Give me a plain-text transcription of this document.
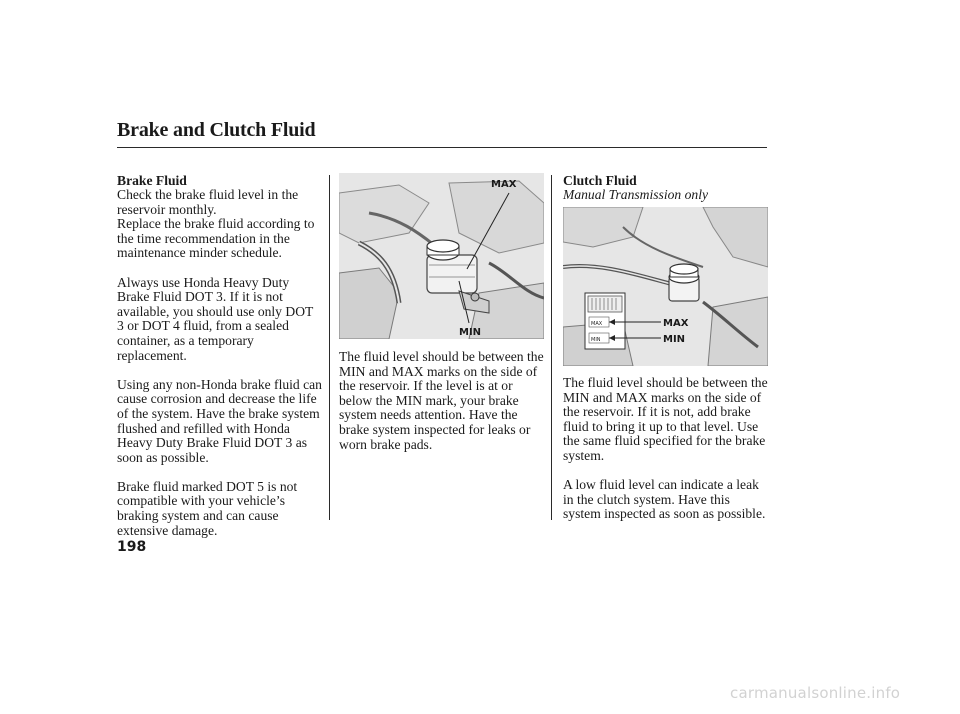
Brake and Clutch Fluid
Brake Fluid

Check the brake fluid level in the reservoir monthly.

Replace the brake fluid according to the time recommendation in the maintenance minder schedule.

Always use Honda Heavy Duty Brake Fluid DOT 3. If it is not available, you should use only DOT 3 or DOT 4 fluid, from a sealed container, as a temporary replacement.

Using any non-Honda brake fluid can cause corrosion and decrease the life of the system. Have the brake system flushed and refilled with Honda Heavy Duty Brake Fluid DOT 3 as soon as possible.

Brake fluid marked DOT 5 is not compatible with your vehicle’s braking system and can cause extensive damage.

MAX
MIN

The fluid level should be between the MIN and MAX marks on the side of the reservoir. If the level is at or below the MIN mark, your brake system needs attention. Have the brake system inspected for leaks or worn brake pads.

Clutch Fluid
Manual Transmission only
MAX
MIN
MAX
MIN

The fluid level should be between the MIN and MAX marks on the side of the reservoir. If it is not, add brake fluid to bring it up to that level. Use the same fluid specified for the brake system.

A low fluid level can indicate a leak in the clutch system. Have this system inspected as soon as possible.

198
carmanualsonline.info
